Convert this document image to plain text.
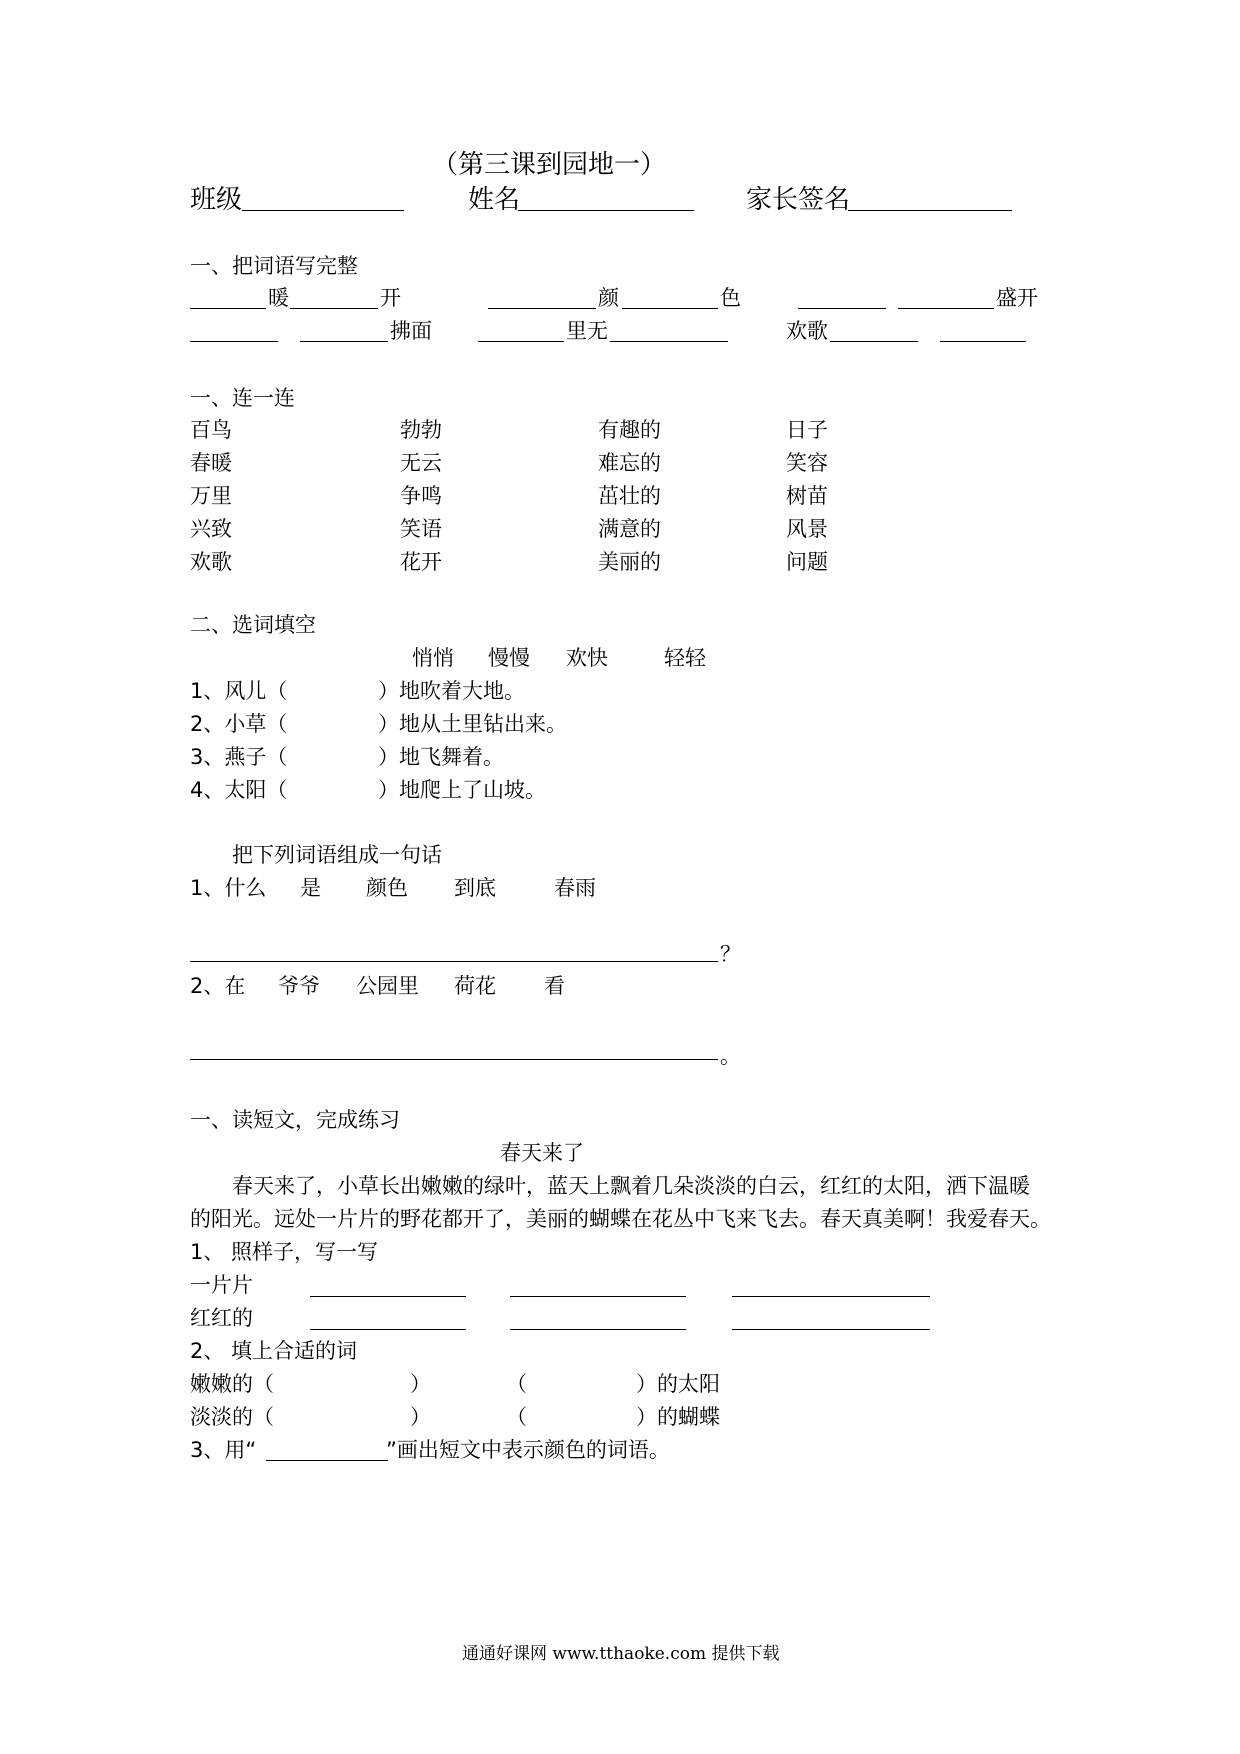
（第三课到园地一）
班级	姓名	家长签名
一、把词语写完整
暖	开	颜	色	盛开
拂面	里无	欢歌
一、连一连
百鸟	勃勃	有趣的	日子
春暖	无云	难忘的	笑容
万里	争鸣	茁壮的	树苗
兴致	笑语	满意的	风景
欢歌	花开	美丽的	问题
二、选词填空
悄悄 慢慢 欢快	轻轻
1、风儿（	）地吹着大地。
2、小草（	）地从土里钻出来。
3、燕子（	）地飞舞着。
4、太阳（	）地爬上了山坡。
把下列词语组成一句话
1、什么 是 颜色 到底	春雨
？
2、在 爷爷 公园里 荷花 看
。
一、读短文，完成练习
春天来了
春天来了，小草长出嫩嫩的绿叶，蓝天上飘着几朵淡淡的白云，红红的太阳，洒下温暖
的阳光。远处一片片的野花都开了，美丽的蝴蝶在花丛中飞来飞去。春天真美啊！我爱春天。
1、 照样子，写一写
一片片
红红的
2、 填上合适的词
嫩嫩的（	）	（	）的太阳
淡淡的（	）	（	）的蝴蝶
3、用“	”画出短文中表示颜色的词语。
通通好课网 www.tthaoke.com 提供下载
